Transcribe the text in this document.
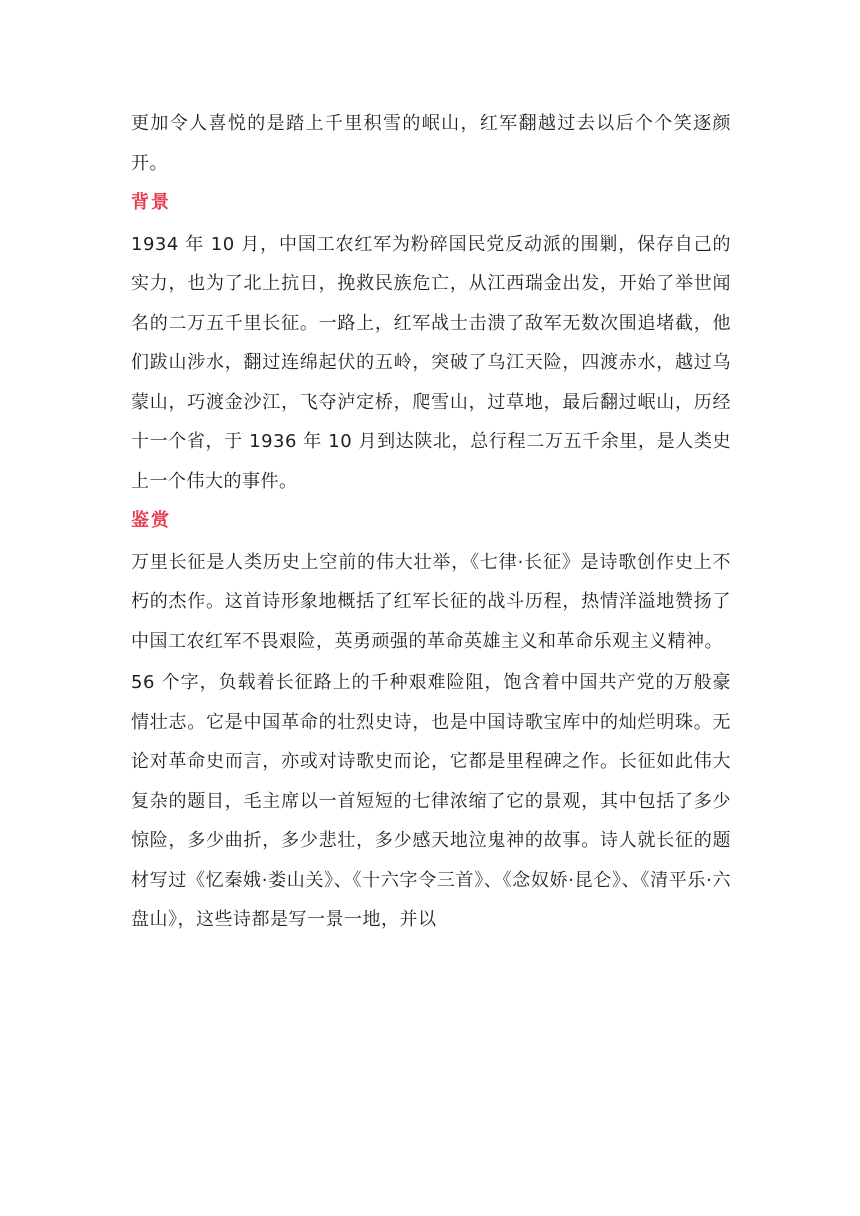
更加令人喜悦的是踏上千里积雪的岷山，红军翻越过去以后个个笑逐颜开。

背景

1934 年 10 月，中国工农红军为粉碎国民党反动派的围剿，保存自己的实力，也为了北上抗日，挽救民族危亡，从江西瑞金出发，开始了举世闻名的二万五千里长征。一路上，红军战士击溃了敌军无数次围追堵截，他们跋山涉水，翻过连绵起伏的五岭，突破了乌江天险，四渡赤水，越过乌蒙山，巧渡金沙江，飞夺泸定桥，爬雪山，过草地，最后翻过岷山，历经十一个省，于 1936 年 10 月到达陕北，总行程二万五千余里，是人类史上一个伟大的事件。

鉴赏

万里长征是人类历史上空前的伟大壮举，《七律·长征》是诗歌创作史上不朽的杰作。这首诗形象地概括了红军长征的战斗历程，热情洋溢地赞扬了中国工农红军不畏艰险，英勇顽强的革命英雄主义和革命乐观主义精神。

56 个字，负载着长征路上的千种艰难险阻，饱含着中国共产党的万般豪情壮志。它是中国革命的壮烈史诗，也是中国诗歌宝库中的灿烂明珠。无论对革命史而言，亦或对诗歌史而论，它都是里程碑之作。长征如此伟大复杂的题目，毛主席以一首短短的七律浓缩了它的景观，其中包括了多少惊险，多少曲折，多少悲壮，多少感天地泣鬼神的故事。诗人就长征的题材写过《忆秦娥·娄山关》、《十六字令三首》、《念奴娇·昆仑》、《清平乐·六盘山》，这些诗都是写一景一地，并以
